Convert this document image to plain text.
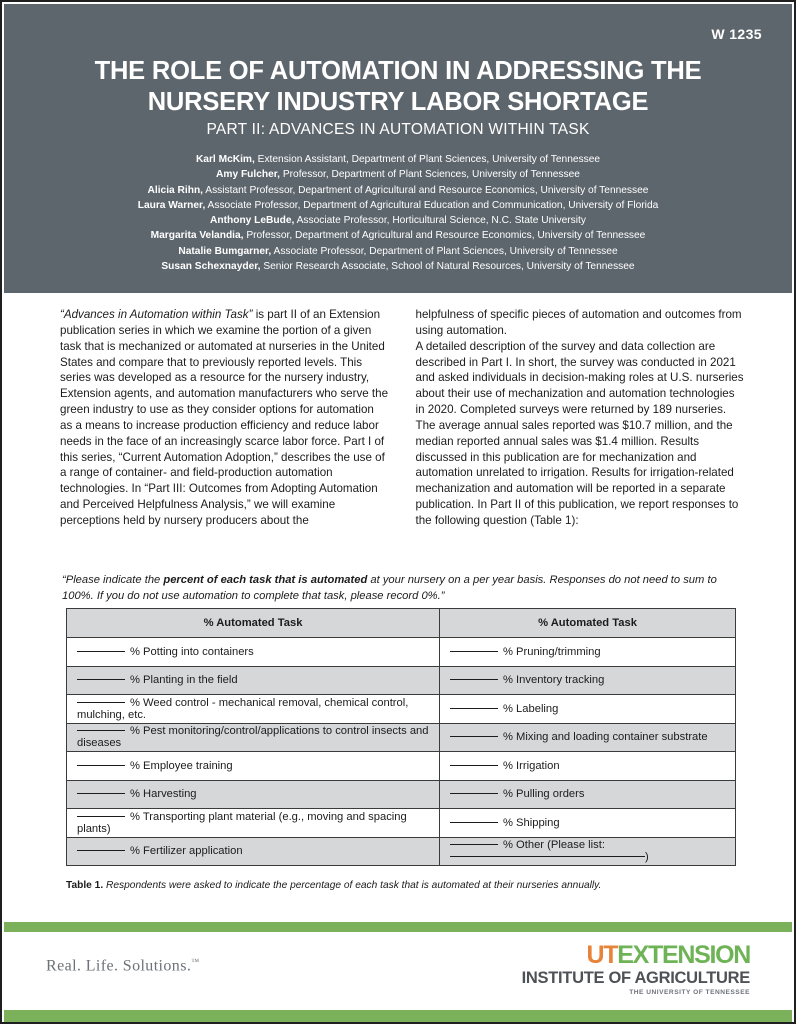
W 1235
THE ROLE OF AUTOMATION IN ADDRESSING THE NURSERY INDUSTRY LABOR SHORTAGE
PART II: ADVANCES IN AUTOMATION WITHIN TASK
Karl McKim, Extension Assistant, Department of Plant Sciences, University of Tennessee
Amy Fulcher, Professor, Department of Plant Sciences, University of Tennessee
Alicia Rihn, Assistant Professor, Department of Agricultural and Resource Economics, University of Tennessee
Laura Warner, Associate Professor, Department of Agricultural Education and Communication, University of Florida
Anthony LeBude, Associate Professor, Horticultural Science, N.C. State University
Margarita Velandia, Professor, Department of Agricultural and Resource Economics, University of Tennessee
Natalie Bumgarner, Associate Professor, Department of Plant Sciences, University of Tennessee
Susan Schexnayder, Senior Research Associate, School of Natural Resources, University of Tennessee

“Advances in Automation within Task” is part II of an Extension publication series in which we examine the portion of a given task that is mechanized or automated at nurseries in the United States and compare that to previously reported levels. This series was developed as a resource for the nursery industry, Extension agents, and automation manufacturers who serve the green industry to use as they consider options for automation as a means to increase production efficiency and reduce labor needs in the face of an increasingly scarce labor force. Part I of this series, “Current Automation Adoption,” describes the use of a range of container- and field-production automation technologies. In “Part III: Outcomes from Adopting Automation and Perceived Helpfulness Analysis,” we will examine perceptions held by nursery producers about the

helpfulness of specific pieces of automation and outcomes from using automation.

A detailed description of the survey and data collection are described in Part I. In short, the survey was conducted in 2021 and asked individuals in decision-making roles at U.S. nurseries about their use of mechanization and automation technologies in 2020. Completed surveys were returned by 189 nurseries. The average annual sales reported was $10.7 million, and the median reported annual sales was $1.4 million. Results discussed in this publication are for mechanization and automation unrelated to irrigation. Results for irrigation-related mechanization and automation will be reported in a separate publication. In Part II of this publication, we report responses to the following question (Table 1):

“Please indicate the percent of each task that is automated at your nursery on a per year basis. Responses do not need to sum to 100%. If you do not use automation to complete that task, please record 0%.”
% Automated Task	% Automated Task
% Potting into containers	% Pruning/trimming
% Planting in the field	% Inventory tracking
% Weed control - mechanical removal, chemical control, mulching, etc.	% Labeling
% Pest monitoring/control/applications to control insects and diseases	% Mixing and loading container substrate
% Employee training	% Irrigation
% Harvesting	% Pulling orders
% Transporting plant material (e.g., moving and spacing plants)	% Shipping
% Fertilizer application	% Other (Please list:)
Table 1. Respondents were asked to indicate the percentage of each task that is automated at their nurseries annually.
Real. Life. Solutions.™	UTEXTENSION
INSTITUTE OF AGRICULTURE
THE UNIVERSITY OF TENNESSEE
